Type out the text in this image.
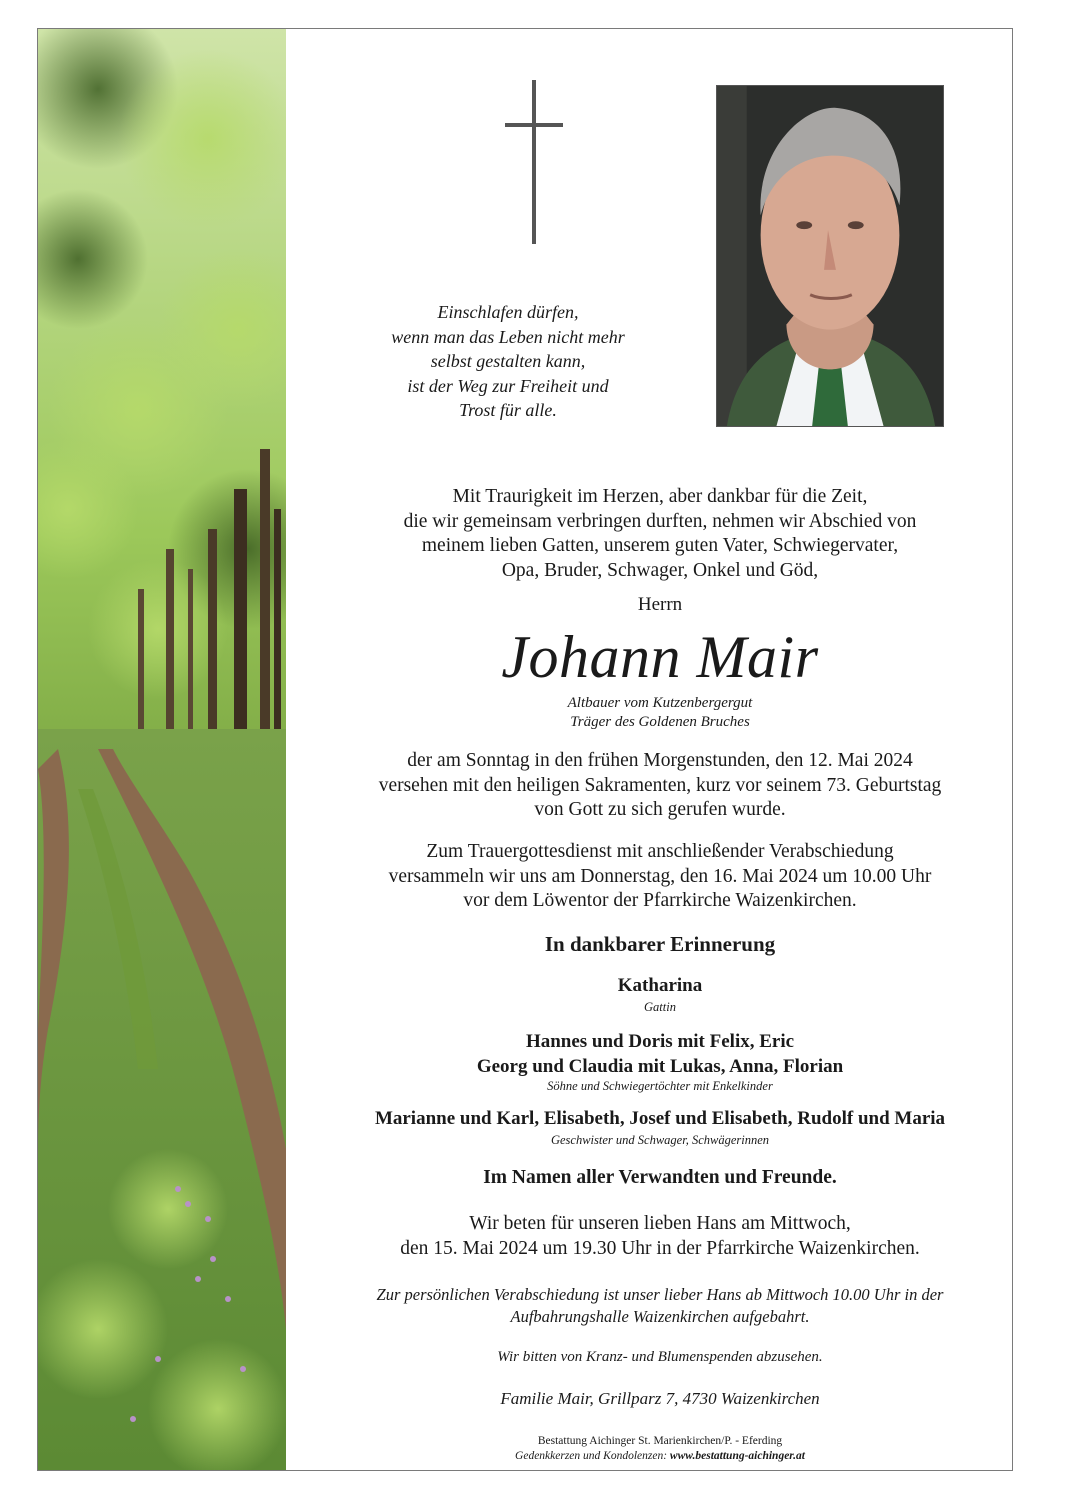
Einschlafen dürfen,
wenn man das Leben nicht mehr
selbst gestalten kann,
ist der Weg zur Freiheit und
Trost für alle.
Mit Traurigkeit im Herzen, aber dankbar für die Zeit,
die wir gemeinsam verbringen durften, nehmen wir Abschied von
meinem lieben Gatten, unserem guten Vater, Schwiegervater,
Opa, Bruder, Schwager, Onkel und Göd,
Herrn
Johann Mair
Altbauer vom Kutzenbergergut
Träger des Goldenen Bruches
der am Sonntag in den frühen Morgenstunden, den 12. Mai 2024
versehen mit den heiligen Sakramenten, kurz vor seinem 73. Geburtstag
von Gott zu sich gerufen wurde.
Zum Trauergottesdienst mit anschließender Verabschiedung
versammeln wir uns am Donnerstag, den 16. Mai 2024 um 10.00 Uhr
vor dem Löwentor der Pfarrkirche Waizenkirchen.
In dankbarer Erinnerung
Katharina
Gattin
Hannes und Doris mit Felix, Eric
Georg und Claudia mit Lukas, Anna, Florian
Söhne und Schwiegertöchter mit Enkelkinder
Marianne und Karl, Elisabeth, Josef und Elisabeth, Rudolf und Maria
Geschwister und Schwager, Schwägerinnen
Im Namen aller Verwandten und Freunde.
Wir beten für unseren lieben Hans am Mittwoch,
den 15. Mai 2024 um 19.30 Uhr in der Pfarrkirche Waizenkirchen.
Zur persönlichen Verabschiedung ist unser lieber Hans ab Mittwoch 10.00 Uhr in der
Aufbahrungshalle Waizenkirchen aufgebahrt.
Wir bitten von Kranz- und Blumenspenden abzusehen.
Familie Mair, Grillparz 7, 4730 Waizenkirchen
Bestattung Aichinger St. Marienkirchen/P. - Eferding
Gedenkkerzen und Kondolenzen: www.bestattung-aichinger.at
